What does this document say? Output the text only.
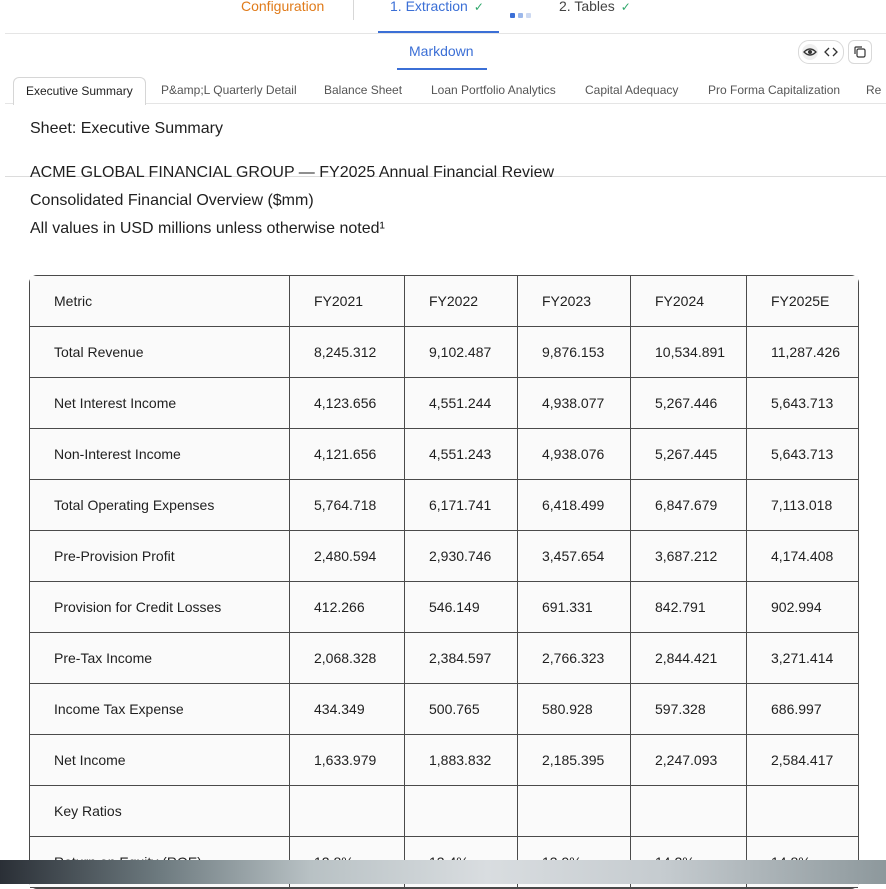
Configuration	1. Extraction ✓	2. Tables ✓
Markdown
Executive Summary	P&amp;L Quarterly Detail Balance Sheet Loan Portfolio Analytics Capital Adequacy Pro Forma Capitalization Re
Sheet: Executive Summary
ACME GLOBAL FINANCIAL GROUP — FY2025 Annual Financial Review
Consolidated Financial Overview ($mm)
All values in USD millions unless otherwise noted¹
Metric	FY2021	FY2022	FY2023	FY2024	FY2025E
Total Revenue	8,245.312	9,102.487	9,876.153	10,534.891	11,287.426
Net Interest Income	4,123.656	4,551.244	4,938.077	5,267.446	5,643.713
Non-Interest Income	4,121.656	4,551.243	4,938.076	5,267.445	5,643.713
Total Operating Expenses	5,764.718	6,171.741	6,418.499	6,847.679	7,113.018
Pre-Provision Profit	2,480.594	2,930.746	3,457.654	3,687.212	4,174.408
Provision for Credit Losses	412.266	546.149	691.331	842.791	902.994
Pre-Tax Income	2,068.328	2,384.597	2,766.323	2,844.421	3,271.414
Income Tax Expense	434.349	500.765	580.928	597.328	686.997
Net Income	1,633.979	1,883.832	2,185.395	2,247.093	2,584.417
Key Ratios					
